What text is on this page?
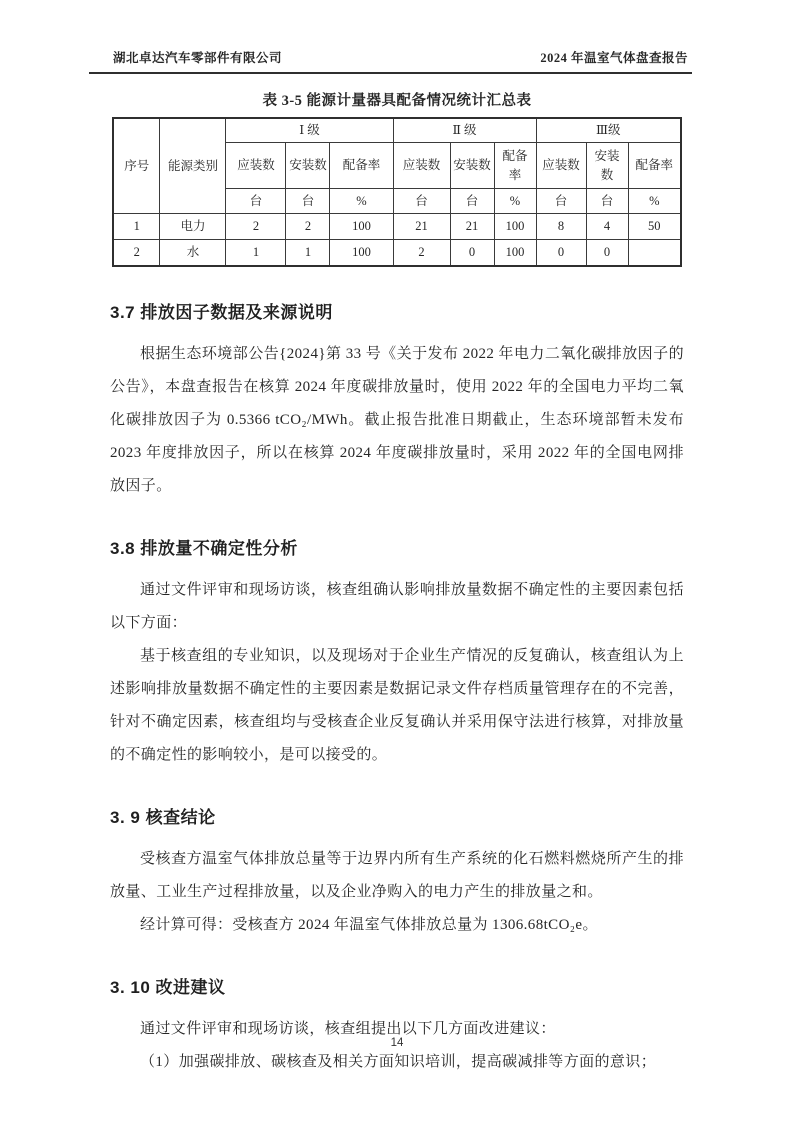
湖北卓达汽车零部件有限公司	2024 年温室气体盘查报告
表 3-5 能源计量器具配备情况统计汇总表
序号	能源类别	Ⅰ 级			Ⅱ 级			Ⅲ级		
		应装数	安装数	配备率	应装数	安装数	配备率	应装数	安装数	配备率
		台	台	%	台	台	%	台	台	%
1	电力	2	2	100	21	21	100	8	4	50
2	水	1	1	100	2	0	100	0	0	
3.7 排放因子数据及来源说明

根据生态环境部公告{2024}第 33 号《关于发布 2022 年电力二氧化碳排放因子的公告》，本盘查报告在核算 2024 年度碳排放量时，使用 2022 年的全国电力平均二氧化碳排放因子为 0.5366 tCO₂/MWh。截止报告批准日期截止，生态环境部暂未发布 2023 年度排放因子，所以在核算 2024 年度碳排放量时，采用 2022 年的全国电网排放因子。

3.8 排放量不确定性分析

通过文件评审和现场访谈，核查组确认影响排放量数据不确定性的主要因素包括以下方面：

基于核查组的专业知识，以及现场对于企业生产情况的反复确认，核查组认为上述影响排放量数据不确定性的主要因素是数据记录文件存档质量管理存在的不完善，针对不确定因素，核查组均与受核查企业反复确认并采用保守法进行核算，对排放量的不确定性的影响较小，是可以接受的。

3. 9 核查结论

受核查方温室气体排放总量等于边界内所有生产系统的化石燃料燃烧所产生的排放量、工业生产过程排放量，以及企业净购入的电力产生的排放量之和。

经计算可得：受核查方 2024 年温室气体排放总量为 1306.68tCO₂e。

3. 10 改进建议

通过文件评审和现场访谈，核查组提出以下几方面改进建议：

（1）加强碳排放、碳核查及相关方面知识培训，提高碳减排等方面的意识；

14
